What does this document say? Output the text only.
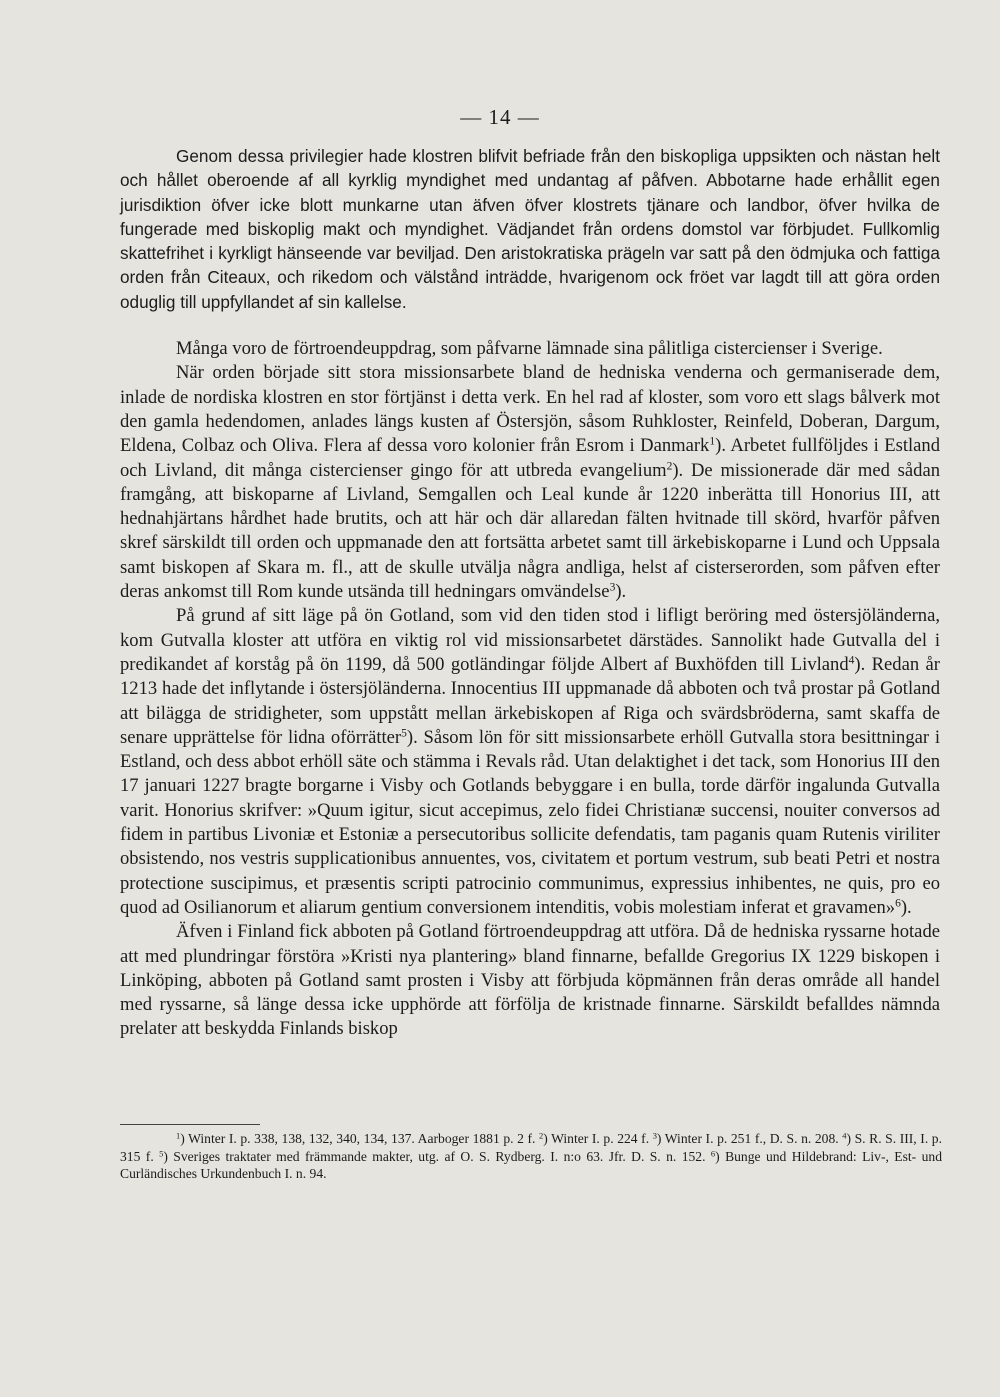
— 14 —

Genom dessa privilegier hade klostren blifvit befriade från den biskopliga uppsikten och nästan helt och hållet oberoende af all kyrklig myndighet med undantag af påfven. Abbotarne hade erhållit egen jurisdiktion öfver icke blott munkarne utan äfven öfver klostrets tjänare och landbor, öfver hvilka de fungerade med biskoplig makt och myndighet. Vädjandet från ordens domstol var förbjudet. Fullkomlig skattefrihet i kyrkligt hänseende var beviljad. Den aristokratiska prägeln var satt på den ödmjuka och fattiga orden från Citeaux, och rikedom och välstånd inträdde, hvarigenom ock fröet var lagdt till att göra orden oduglig till uppfyllandet af sin kallelse.

Många voro de förtroendeuppdrag, som påfvarne lämnade sina pålitliga cistercienser i Sverige.

När orden började sitt stora missionsarbete bland de hedniska venderna och germaniserade dem, inlade de nordiska klostren en stor förtjänst i detta verk. En hel rad af kloster, som voro ett slags bålverk mot den gamla hedendomen, anlades längs kusten af Östersjön, såsom Ruhkloster, Reinfeld, Doberan, Dargum, Eldena, Colbaz och Oliva. Flera af dessa voro kolonier från Esrom i Danmark$^1$). Arbetet fullföljdes i Estland och Livland, dit många cistercienser gingo för att utbreda evangelium$^2$). De missionerade där med sådan framgång, att biskoparne af Livland, Semgallen och Leal kunde år 1220 inberätta till Honorius III, att hednahjärtans hårdhet hade brutits, och att här och där allaredan fälten hvitnade till skörd, hvarför påfven skref särskildt till orden och uppmanade den att fortsätta arbetet samt till ärkebiskoparne i Lund och Uppsala samt biskopen af Skara m. fl., att de skulle utvälja några andliga, helst af cisterserorden, som påfven efter deras ankomst till Rom kunde utsända till hedningars omvändelse$^3$).

På grund af sitt läge på ön Gotland, som vid den tiden stod i lifligt beröring med östersjöländerna, kom Gutvalla kloster att utföra en viktig rol vid missionsarbetet därstädes. Sannolikt hade Gutvalla del i predikandet af korståg på ön 1199, då 500 gotländingar följde Albert af Buxhöfden till Livland$^4$). Redan år 1213 hade det inflytande i östersjöländerna. Innocentius III uppmanade då abboten och två prostar på Gotland att bilägga de stridigheter, som uppstått mellan ärkebiskopen af Riga och svärdsbröderna, samt skaffa de senare upprättelse för lidna oförrätter$^5$). Såsom lön för sitt missionsarbete erhöll Gutvalla stora besittningar i Estland, och dess abbot erhöll säte och stämma i Revals råd. Utan delaktighet i det tack, som Honorius III den 17 januari 1227 bragte borgarne i Visby och Gotlands bebyggare i en bulla, torde därför ingalunda Gutvalla varit. Honorius skrifver: »Quum igitur, sicut accepimus, zelo fidei Christianæ succensi, nouiter conversos ad fidem in partibus Livoniæ et Estoniæ a persecutoribus sollicite defendatis, tam paganis quam Rutenis viriliter obsistendo, nos vestris supplicationibus annuentes, vos, civitatem et portum vestrum, sub beati Petri et nostra protectione suscipimus, et præsentis scripti patrocinio communimus, expressius inhibentes, ne quis, pro eo quod ad Osilianorum et aliarum gentium conversionem intenditis, vobis molestiam inferat et gravamen»$^6$).

Äfven i Finland fick abboten på Gotland förtroendeuppdrag att utföra. Då de hedniska ryssarne hotade att med plundringar förstöra »Kristi nya plantering» bland finnarne, befallde Gregorius IX 1229 biskopen i Linköping, abboten på Gotland samt prosten i Visby att förbjuda köpmännen från deras område all handel med ryssarne, så länge dessa icke upphörde att förfölja de kristnade finnarne. Särskildt befalldes nämnda prelater att beskydda Finlands biskop

$^1$) Winter I. p. 338, 138, 132, 340, 134, 137. Aarboger 1881 p. 2 f. $^2$) Winter I. p. 224 f. $^3$) Winter I. p. 251 f., D. S. n. 208. $^4$) S. R. S. III, I. p. 315 f. $^5$) Sveriges traktater med främmande makter, utg. af O. S. Rydberg. I. n:o 63. Jfr. D. S. n. 152. $^6$) Bunge und Hildebrand: Liv-, Est- und Curländisches Urkundenbuch I. n. 94.
